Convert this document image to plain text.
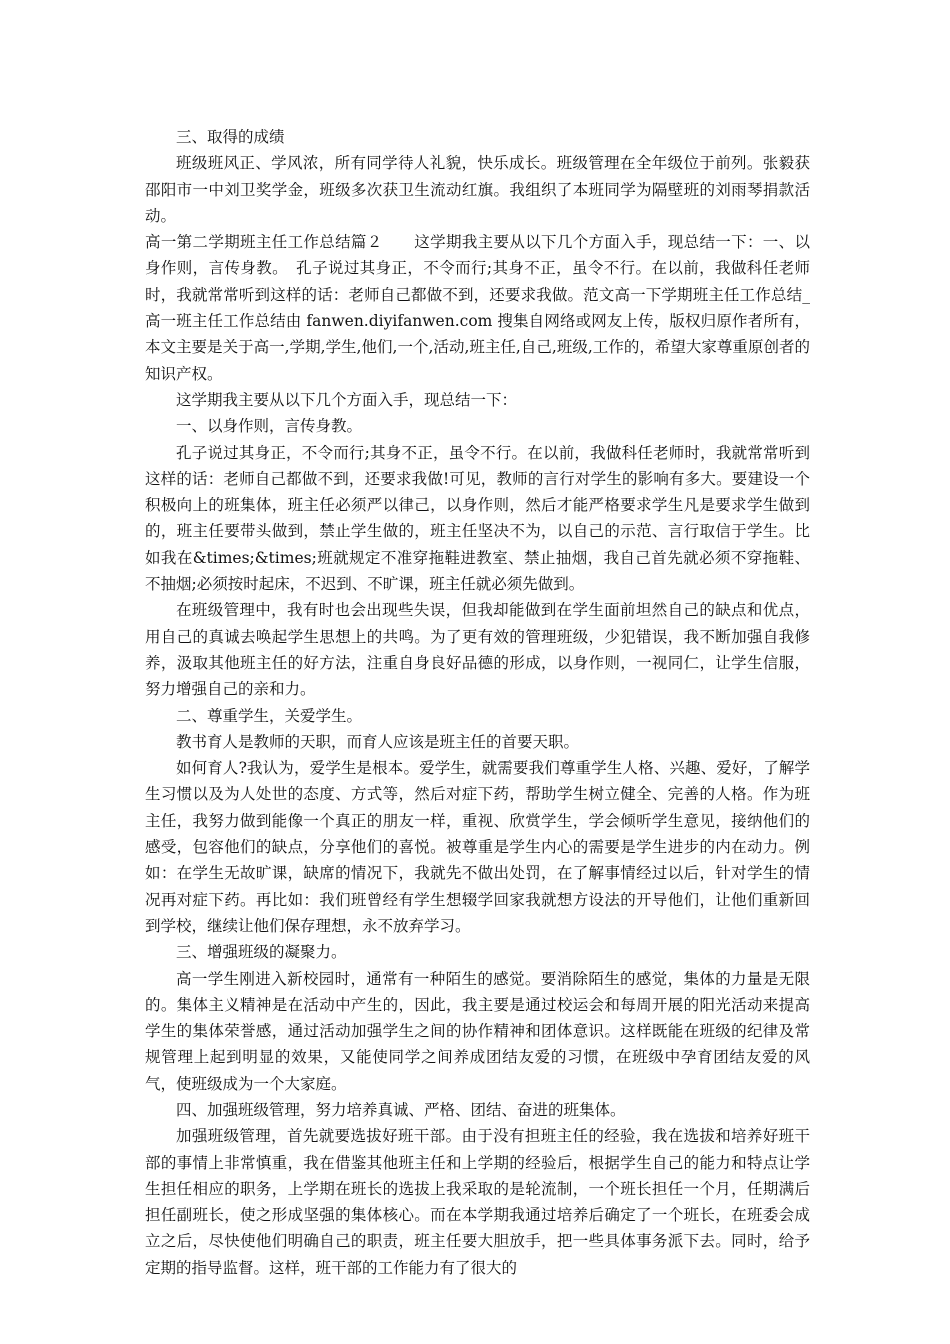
三、取得的成绩

班级班风正、学风浓，所有同学待人礼貌，快乐成长。班级管理在全年级位于前列。张毅获邵阳市一中刘卫奖学金，班级多次获卫生流动红旗。我组织了本班同学为隔壁班的刘雨琴捐款活动。

高一第二学期班主任工作总结篇２　　这学期我主要从以下几个方面入手，现总结一下：一、以身作则，言传身教。　孔子说过其身正，不令而行;其身不正，虽令不行。在以前，我做科任老师时，我就常常听到这样的话：老师自己都做不到，还要求我做。范文高一下学期班主任工作总结_高一班主任工作总结由 fanwen.diyifanwen.com 搜集自网络或网友上传，版权归原作者所有，本文主要是关于高一,学期,学生,他们,一个,活动,班主任,自己,班级,工作的，希望大家尊重原创者的知识产权。

这学期我主要从以下几个方面入手，现总结一下：

一、以身作则，言传身教。

孔子说过其身正，不令而行;其身不正，虽令不行。在以前，我做科任老师时，我就常常听到这样的话：老师自己都做不到，还要求我做!可见，教师的言行对学生的影响有多大。要建设一个积极向上的班集体，班主任必须严以律己，以身作则，然后才能严格要求学生凡是要求学生做到的，班主任要带头做到，禁止学生做的，班主任坚决不为，以自己的示范、言行取信于学生。比如我在&times;&times;班就规定不准穿拖鞋进教室、禁止抽烟，我自己首先就必须不穿拖鞋、不抽烟;必须按时起床，不迟到、不旷课，班主任就必须先做到。

在班级管理中，我有时也会出现些失误，但我却能做到在学生面前坦然自己的缺点和优点，用自己的真诚去唤起学生思想上的共鸣。为了更有效的管理班级，少犯错误，我不断加强自我修养，汲取其他班主任的好方法，注重自身良好品德的形成，以身作则，一视同仁，让学生信服，努力增强自己的亲和力。

二、尊重学生，关爱学生。

教书育人是教师的天职，而育人应该是班主任的首要天职。

如何育人?我认为，爱学生是根本。爱学生，就需要我们尊重学生人格、兴趣、爱好，了解学生习惯以及为人处世的态度、方式等，然后对症下药，帮助学生树立健全、完善的人格。作为班主任，我努力做到能像一个真正的朋友一样，重视、欣赏学生，学会倾听学生意见，接纳他们的感受，包容他们的缺点，分享他们的喜悦。被尊重是学生内心的需要是学生进步的内在动力。例如：在学生无故旷课，缺席的情况下，我就先不做出处罚，在了解事情经过以后，针对学生的情况再对症下药。再比如：我们班曾经有学生想辍学回家我就想方设法的开导他们，让他们重新回到学校，继续让他们保存理想，永不放弃学习。

三、增强班级的凝聚力。

高一学生刚进入新校园时，通常有一种陌生的感觉。要消除陌生的感觉，集体的力量是无限的。集体主义精神是在活动中产生的，因此，我主要是通过校运会和每周开展的阳光活动来提高学生的集体荣誉感，通过活动加强学生之间的协作精神和团体意识。这样既能在班级的纪律及常规管理上起到明显的效果，又能使同学之间养成团结友爱的习惯，在班级中孕育团结友爱的风气，使班级成为一个大家庭。

四、加强班级管理，努力培养真诚、严格、团结、奋进的班集体。

加强班级管理，首先就要选拔好班干部。由于没有担班主任的经验，我在选拔和培养好班干部的事情上非常慎重，我在借鉴其他班主任和上学期的经验后，根据学生自己的能力和特点让学生担任相应的职务，上学期在班长的选拔上我采取的是轮流制，一个班长担任一个月，任期满后担任副班长，使之形成坚强的集体核心。而在本学期我通过培养后确定了一个班长，在班委会成立之后，尽快使他们明确自己的职责，班主任要大胆放手，把一些具体事务派下去。同时，给予定期的指导监督。这样，班干部的工作能力有了很大的
